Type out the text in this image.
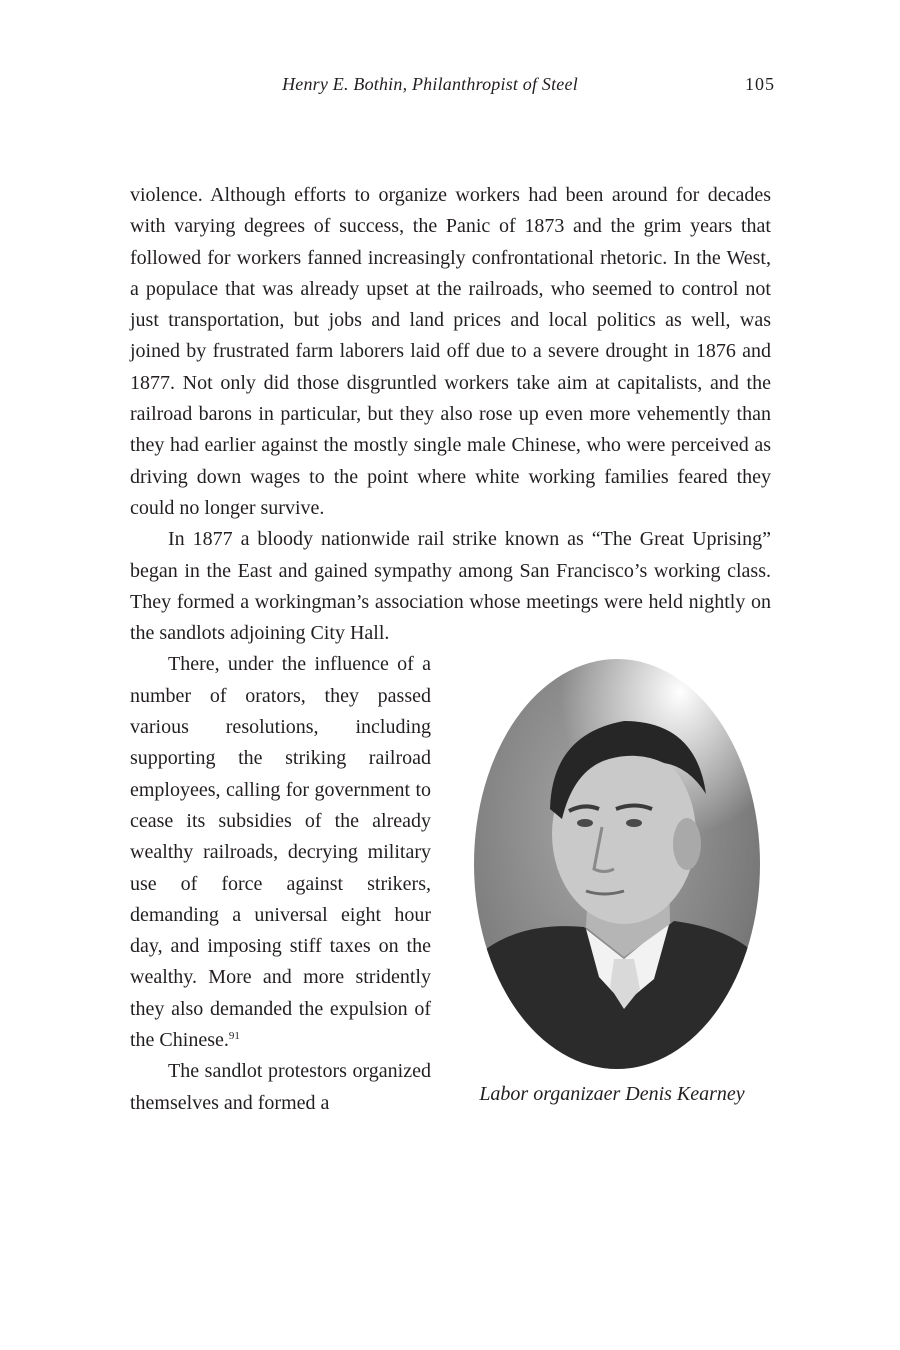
Henry E. Bothin, Philanthropist of Steel	105

violence. Although efforts to organize workers had been around for decades with varying degrees of success, the Panic of 1873 and the grim years that followed for workers fanned increasingly confrontational rhetoric. In the West, a populace that was already upset at the railroads, who seemed to control not just transportation, but jobs and land prices and local politics as well, was joined by frustrated farm laborers laid off due to a severe drought in 1876 and 1877. Not only did those disgruntled workers take aim at capitalists, and the railroad barons in particular, but they also rose up even more vehemently than they had earlier against the mostly single male Chinese, who were perceived as driving down wages to the point where white working families feared they could no longer survive.

In 1877 a bloody nationwide rail strike known as “The Great Uprising” began in the East and gained sympathy among San Francisco’s working class. They formed a workingman’s association whose meetings were held nightly on the sandlots adjoining City Hall.

Labor organizaer Denis Kearney

There, under the influence of a number of orators, they passed various resolutions, including supporting the striking railroad employees, calling for government to cease its subsidies of the already wealthy railroads, decrying military use of force against strikers, demanding a universal eight hour day, and imposing stiff taxes on the wealthy. More and more stridently they also demanded the expulsion of the Chinese.$^{91}$

The sandlot protestors organized themselves and formed a
